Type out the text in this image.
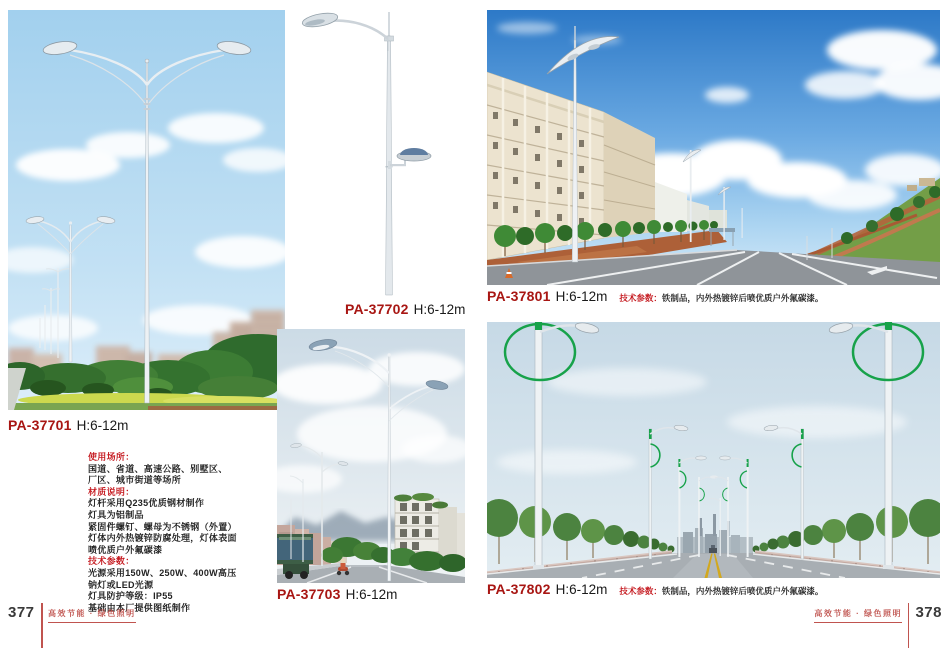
PA-37701 H:6-12m
PA-37702 H:6-12m
PA-37703 H:6-12m
PA-37801 H:6-12m 技术参数：铁制品，内外热镀锌后喷优质户外氟碳漆。
PA-37802 H:6-12m 技术参数：铁制品，内外热镀锌后喷优质户外氟碳漆。
使用场所：
国道、省道、高速公路、别墅区、
厂区、城市街道等场所
材质说明：
灯杆采用Q235优质钢材制作
灯具为铝制品
紧固件螺钉、螺母为不锈钢（外置）
灯体内外热镀锌防腐处理，灯体表面
喷优质户外氟碳漆
技术参数：
光源采用150W、250W、400W高压
钠灯或LED光源
灯具防护等级：IP55
基础由本厂提供图纸制作
377 高效节能 · 绿色照明	高效节能 · 绿色照明 378
